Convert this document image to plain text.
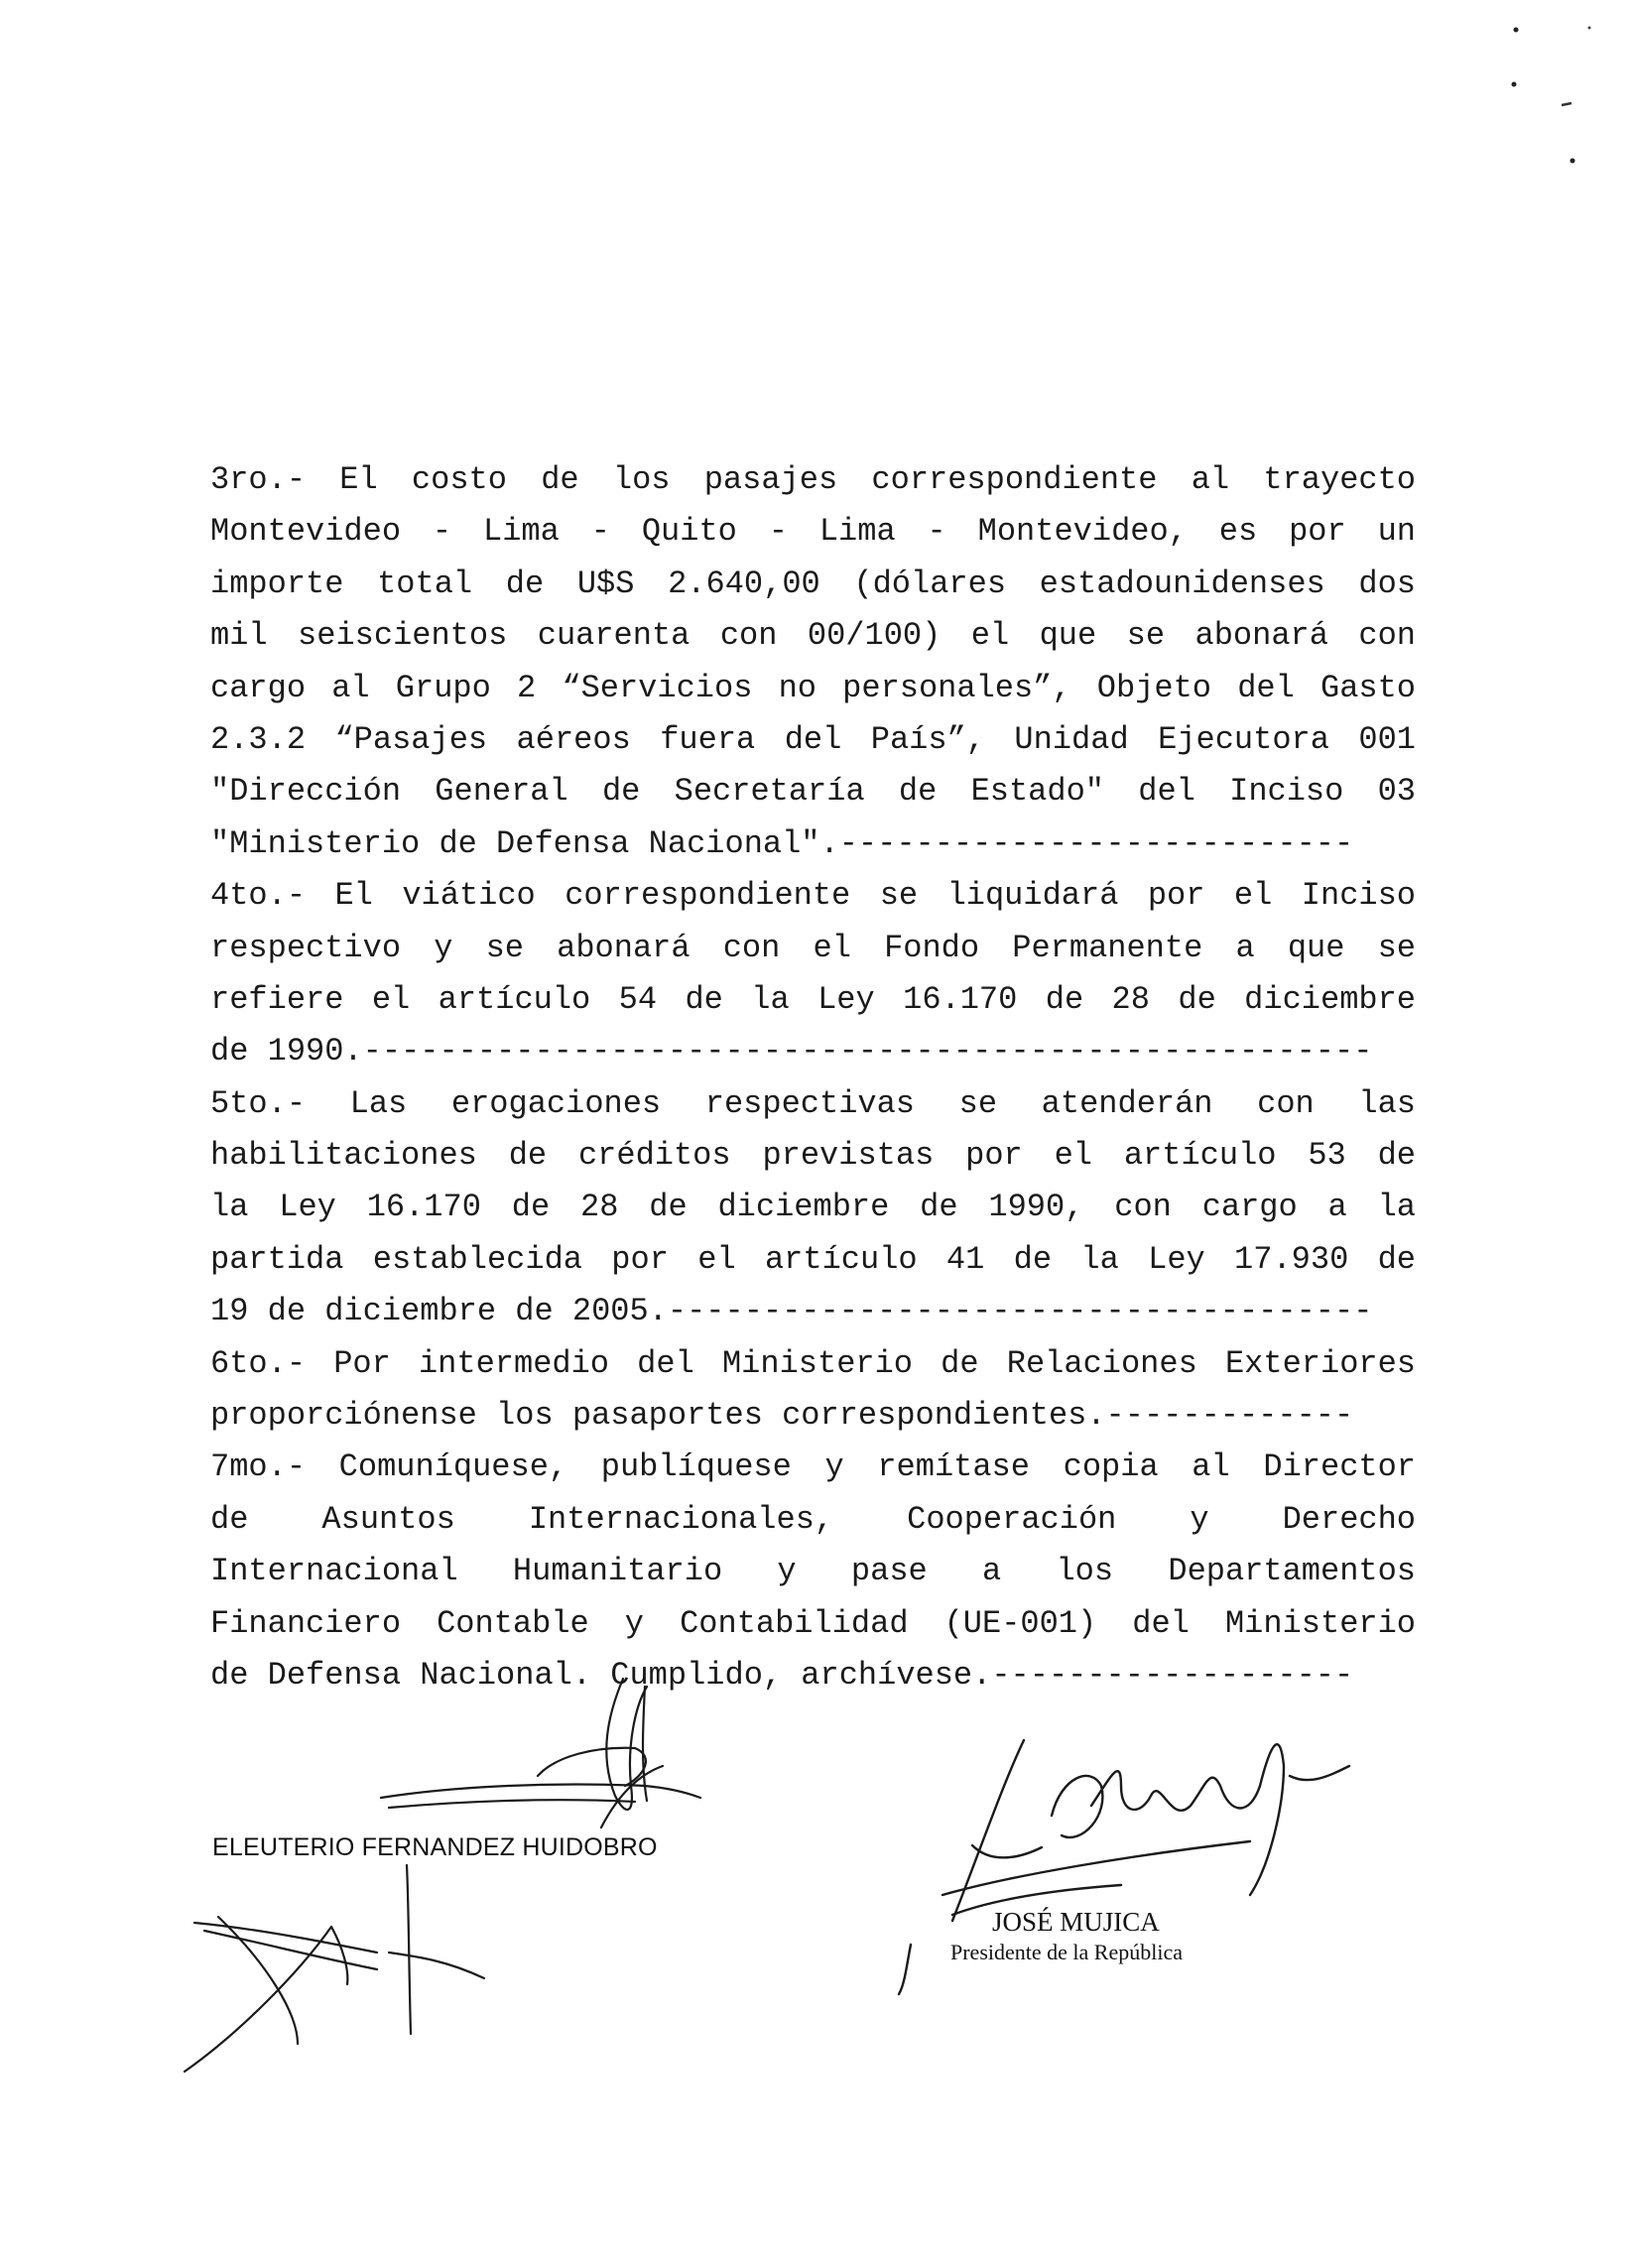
3ro.- El costo de los pasajes correspondiente al trayecto
Montevideo - Lima - Quito - Lima - Montevideo, es por un
importe total de U$S 2.640,00 (dólares estadounidenses dos
mil seiscientos cuarenta con 00/100) el que se abonará con
cargo al Grupo 2 “Servicios no personales”, Objeto del Gasto
2.3.2 “Pasajes aéreos fuera del País”, Unidad Ejecutora 001
"Dirección General de Secretaría de Estado" del Inciso 03
"Ministerio de Defensa Nacional".---------------------------
4to.- El viático correspondiente se liquidará por el Inciso
respectivo y se abonará con el Fondo Permanente a que se
refiere el artículo 54 de la Ley 16.170 de 28 de diciembre
de 1990.-----------------------------------------------------
5to.- Las erogaciones respectivas se atenderán con las
habilitaciones de créditos previstas por el artículo 53 de
la Ley 16.170 de 28 de diciembre de 1990, con cargo a la
partida establecida por el artículo 41 de la Ley 17.930 de
19 de diciembre de 2005.-------------------------------------
6to.- Por intermedio del Ministerio de Relaciones Exteriores
proporciónense los pasaportes correspondientes.-------------
7mo.- Comuníquese, publíquese y remítase copia al Director
de Asuntos Internacionales, Cooperación y Derecho
Internacional Humanitario y pase a los Departamentos
Financiero Contable y Contabilidad (UE-001) del Ministerio
de Defensa Nacional. Cumplido, archívese.-------------------
ELEUTERIO FERNANDEZ HUIDOBRO
JOSÉ MUJICA
Presidente de la República
